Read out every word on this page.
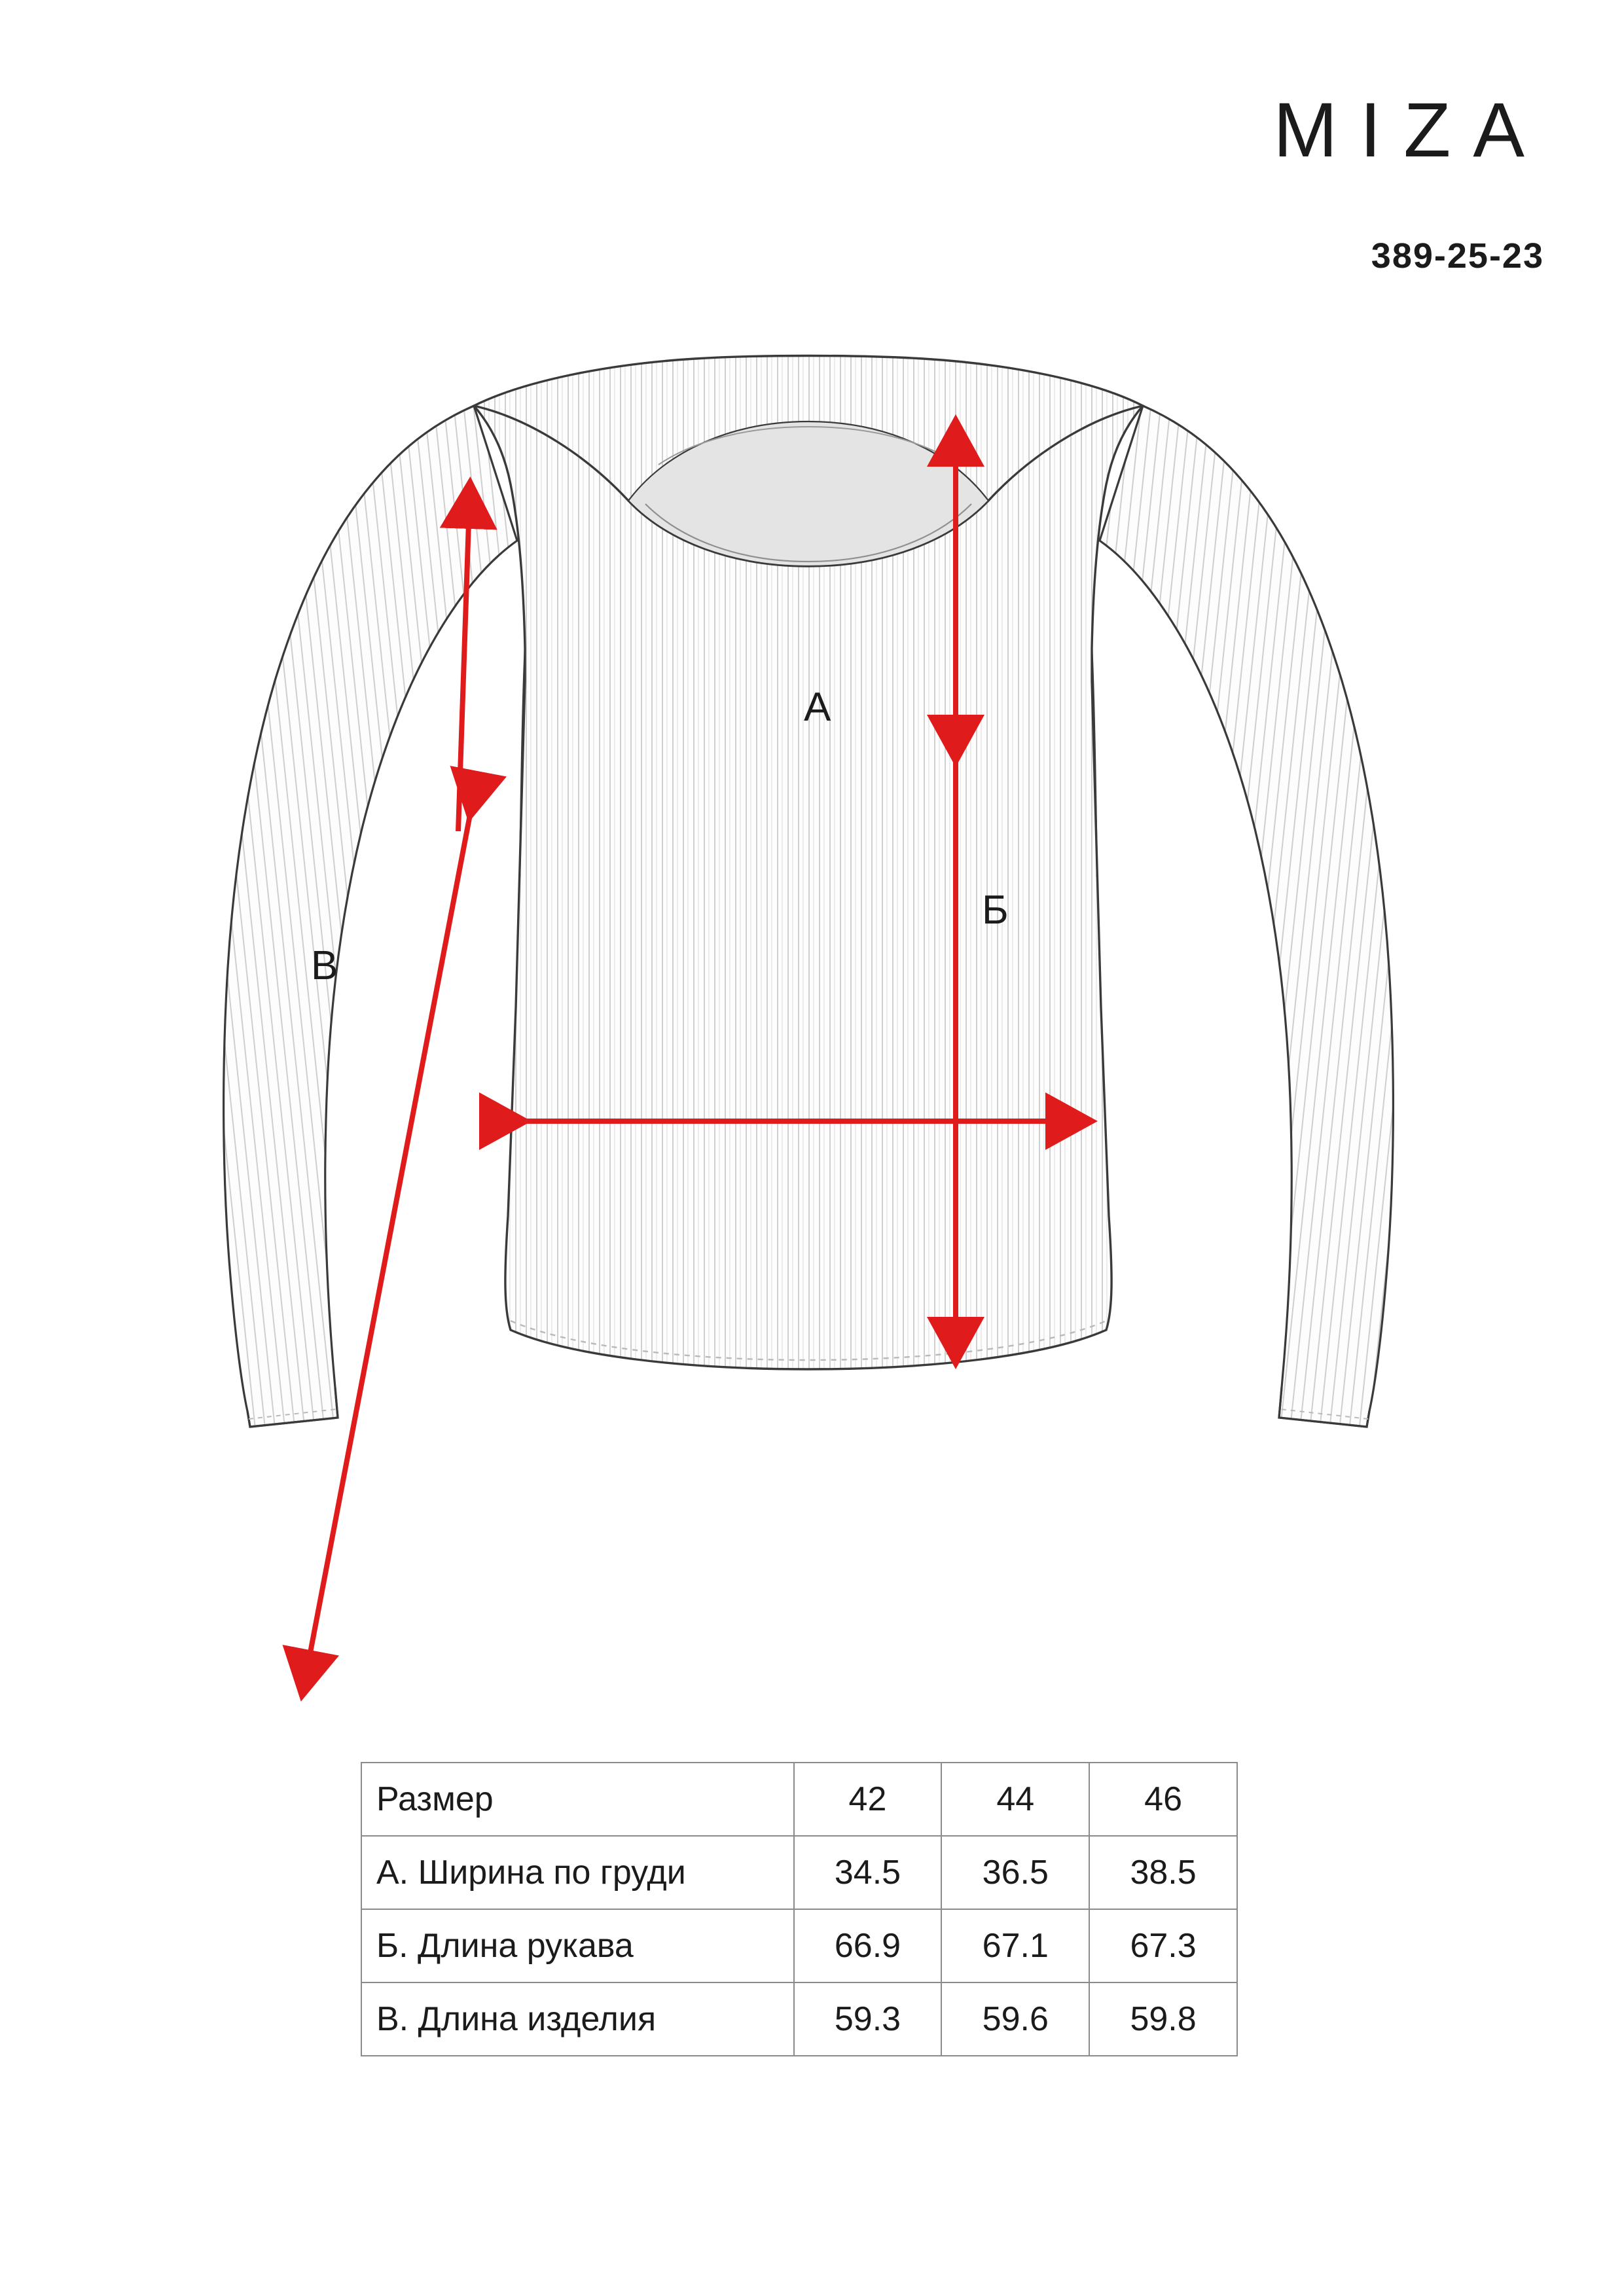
MIZA
389-25-23
А
Б
В
Размер	42	44	46
А. Ширина по груди	34.5	36.5	38.5
Б. Длина рукава	66.9	67.1	67.3
В. Длина изделия	59.3	59.6	59.8
